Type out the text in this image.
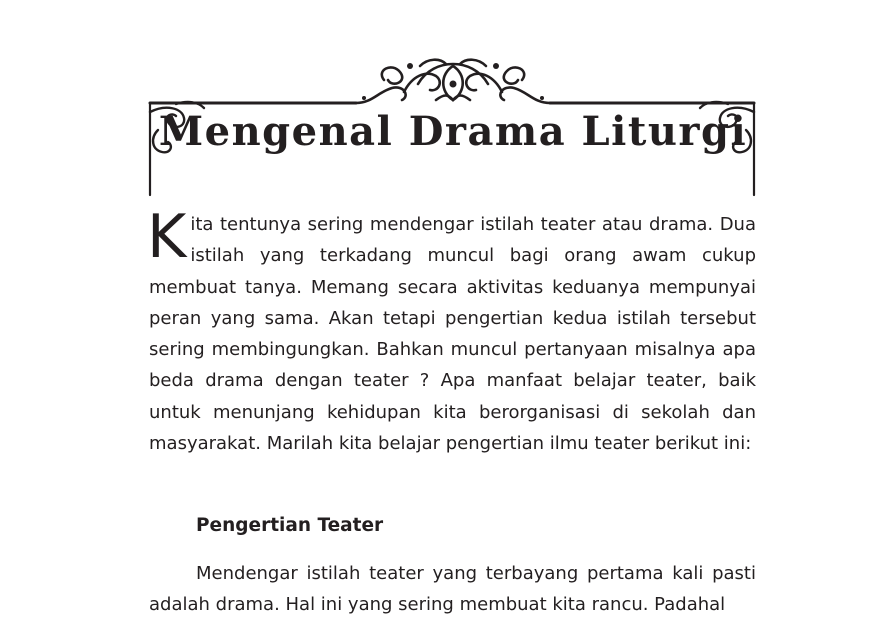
Mengenal Drama Liturgi

Kita tentunya sering mendengar istilah teater atau drama. Dua istilah yang terkadang muncul bagi orang awam cukup membuat tanya. Memang secara aktivitas keduanya mempunyai peran yang sama. Akan tetapi pengertian kedua istilah tersebut sering membingungkan. Bahkan muncul pertanyaan misalnya apa beda drama dengan teater ? Apa manfaat belajar teater, baik untuk menunjang kehidupan kita berorganisasi di sekolah dan masyarakat. Marilah kita belajar pengertian ilmu teater berikut ini:

Pengertian Teater

Mendengar istilah teater yang terbayang pertama kali pasti adalah drama. Hal ini yang sering membuat kita rancu. Padahal
